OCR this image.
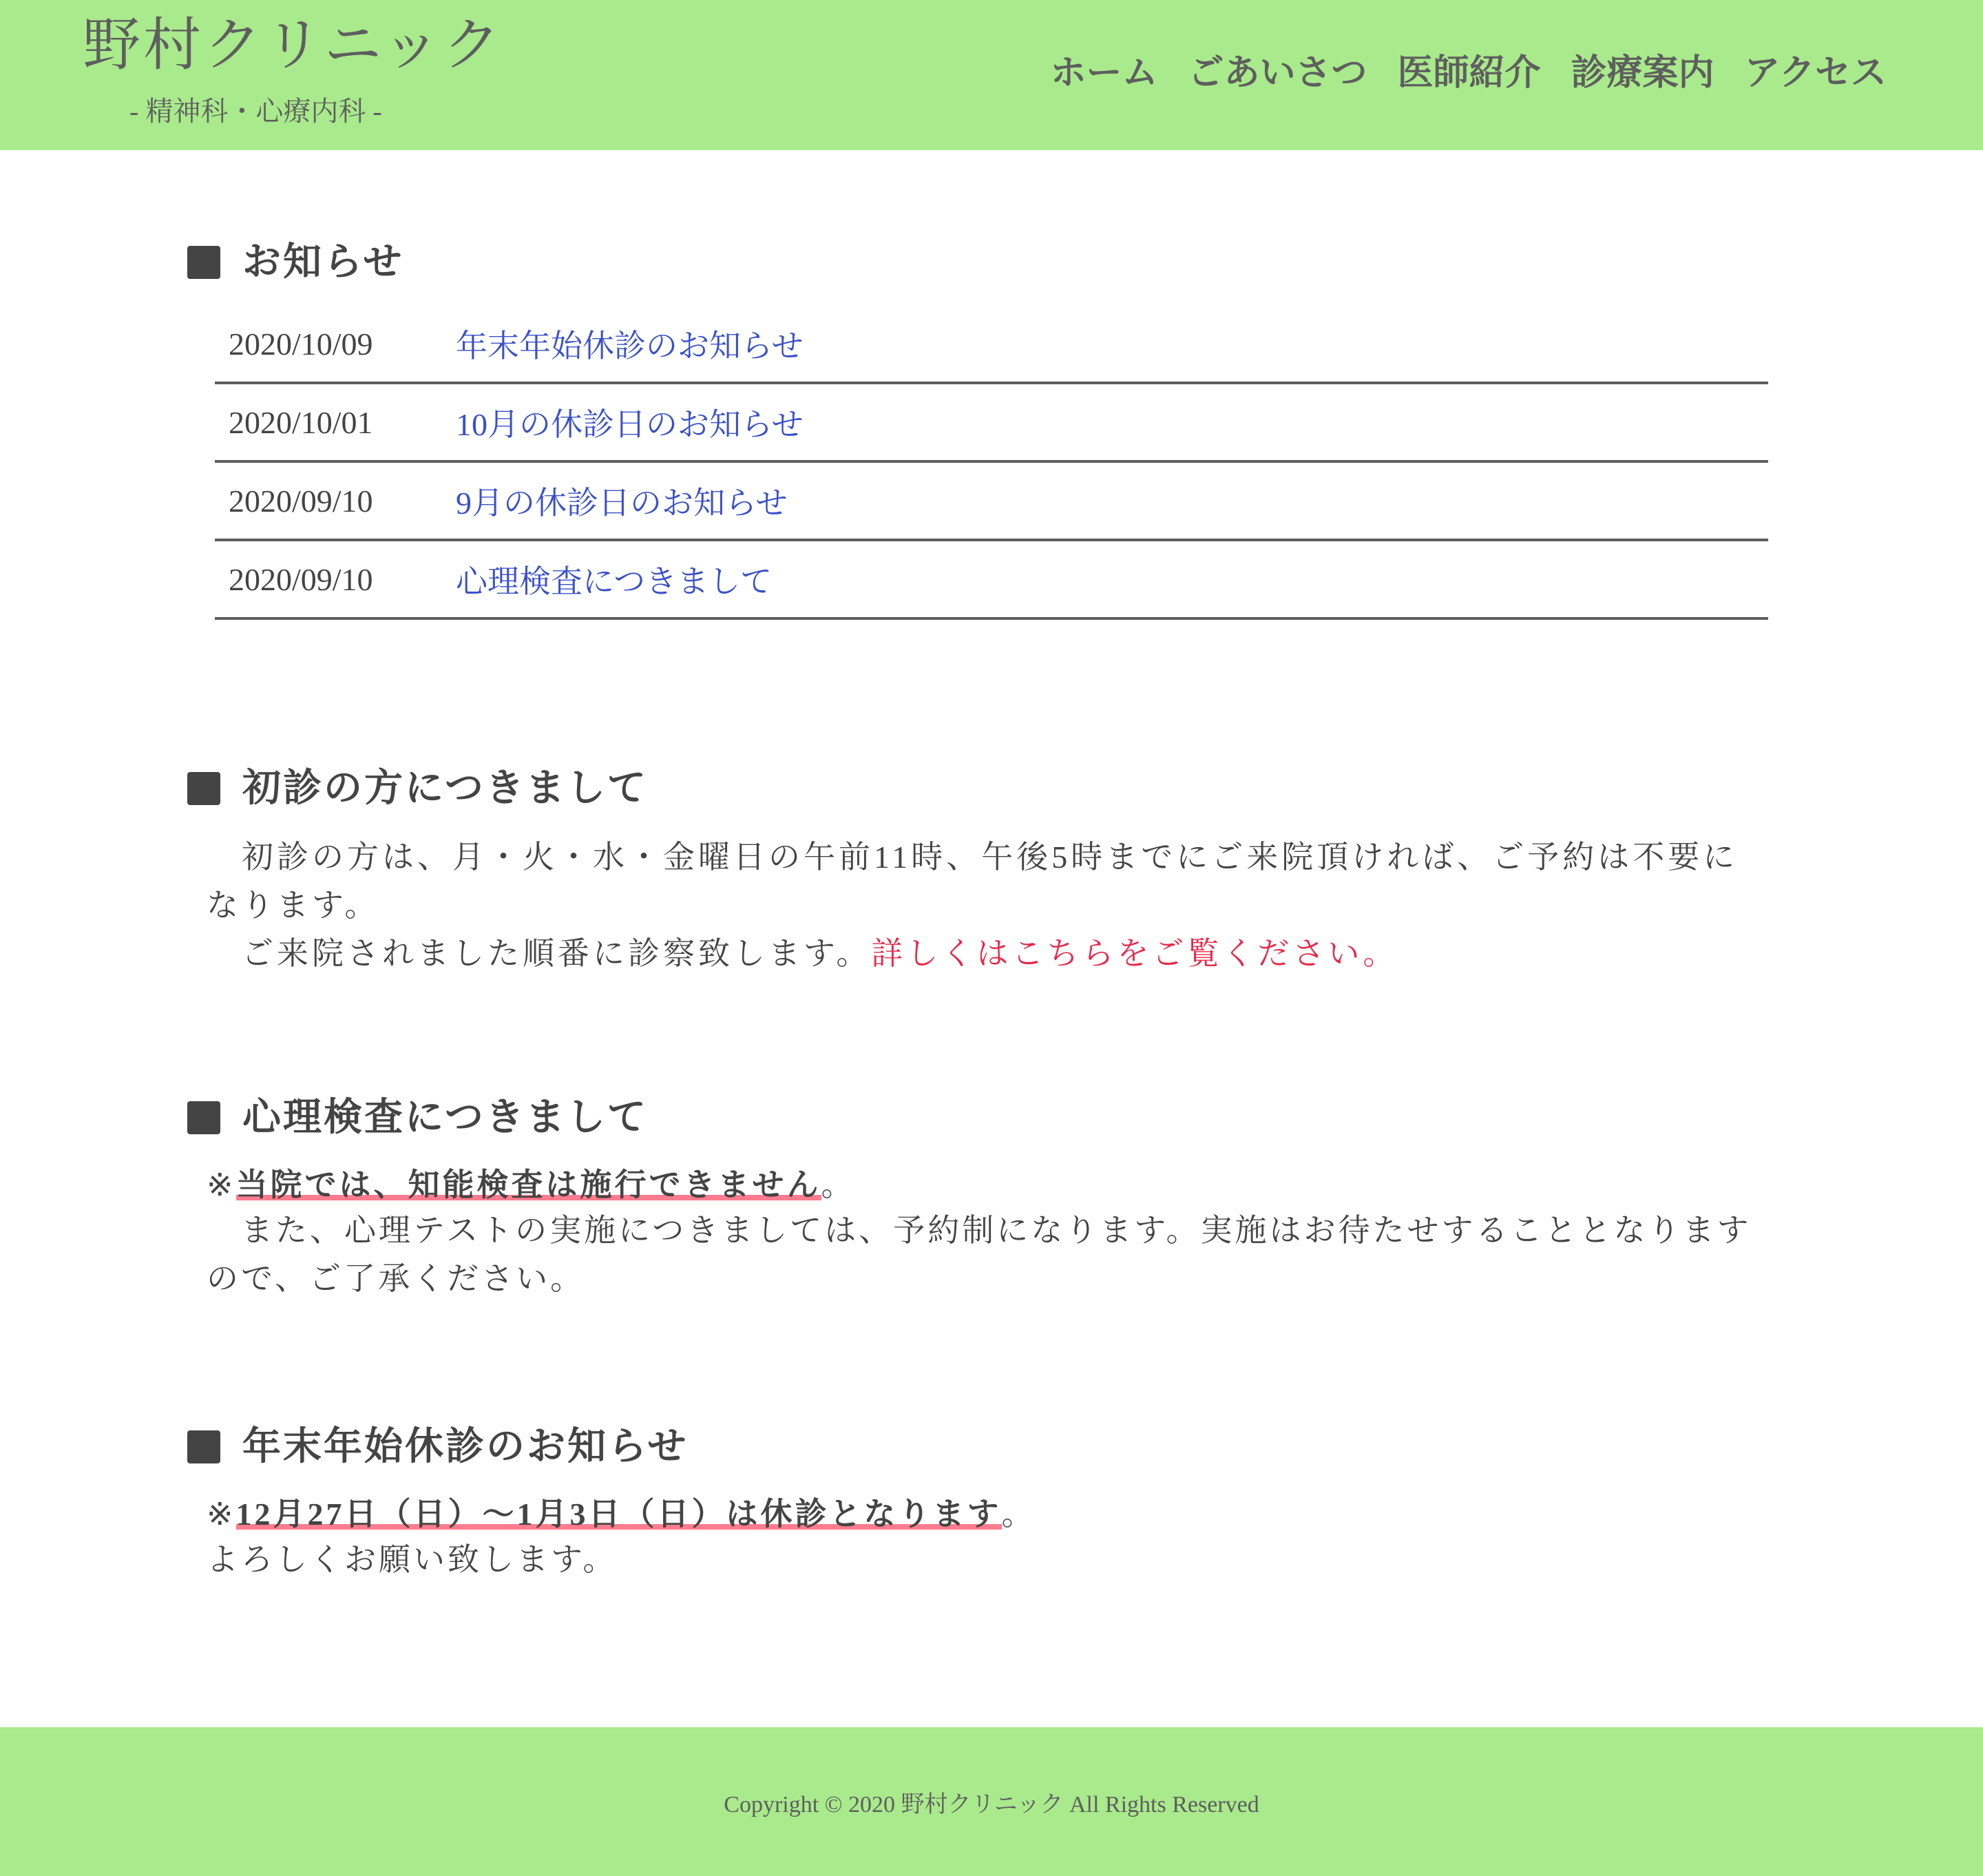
野村クリニック
- 精神科・心療内科 -
ホーム ごあいさつ 医師紹介 診療案内 アクセス
お知らせ
2020/10/09	年末年始休診のお知らせ
2020/10/01	10月の休診日のお知らせ
2020/09/10	9月の休診日のお知らせ
2020/09/10	心理検査につきまして
初診の方につきまして
　初診の方は、月・火・水・金曜日の午前11時、午後5時までにご来院頂ければ、ご予約は不要になります。
　ご来院されました順番に診察致します。詳しくはこちらをご覧ください。
心理検査につきまして
※当院では、知能検査は施行できません。
　また、心理テストの実施につきましては、予約制になります。実施はお待たせすることとなりますので、ご了承ください。
年末年始休診のお知らせ
※12月27日（日）～1月3日（日）は休診となります。
よろしくお願い致します。
Copyright © 2020 野村クリニック All Rights Reserved
